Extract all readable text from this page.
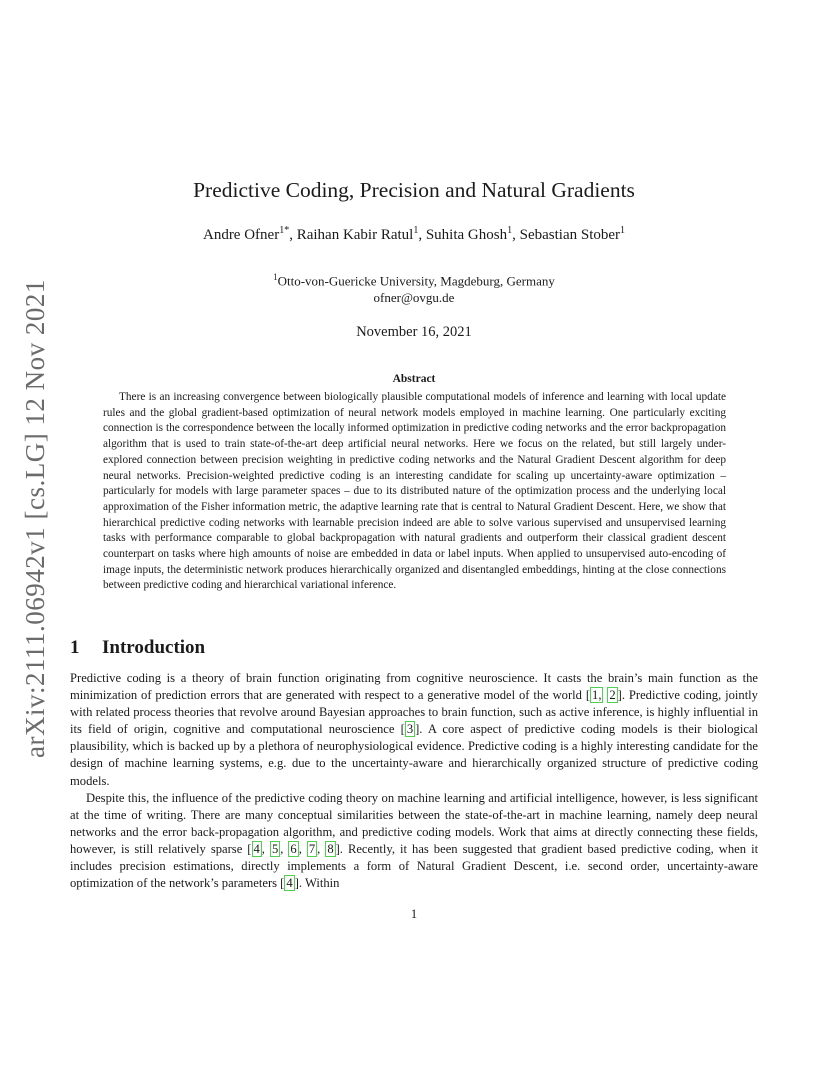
arXiv:2111.06942v1 [cs.LG] 12 Nov 2021
Predictive Coding, Precision and Natural Gradients
Andre Ofner$^{1*}$, Raihan Kabir Ratul$^1$, Suhita Ghosh$^1$, Sebastian Stober$^1$
$^1$Otto-von-Guericke University, Magdeburg, Germany
ofner@ovgu.de
November 16, 2021
Abstract

There is an increasing convergence between biologically plausible computational models of inference and learning with local update rules and the global gradient-based optimization of neural network models employed in machine learning. One particularly exciting connection is the correspondence between the locally informed optimization in predictive coding networks and the error backpropagation algorithm that is used to train state-of-the-art deep artificial neural networks. Here we focus on the related, but still largely under-explored connection between precision weighting in predictive coding networks and the Natural Gradient Descent algorithm for deep neural networks. Precision-weighted predictive coding is an interesting candidate for scaling up uncertainty-aware optimization – particularly for models with large parameter spaces – due to its distributed nature of the optimization process and the underlying local approximation of the Fisher information metric, the adaptive learning rate that is central to Natural Gradient Descent. Here, we show that hierarchical predictive coding networks with learnable precision indeed are able to solve various supervised and unsupervised learning tasks with performance comparable to global backpropagation with natural gradients and outperform their classical gradient descent counterpart on tasks where high amounts of noise are embedded in data or label inputs. When applied to unsupervised auto-encoding of image inputs, the deterministic network produces hierarchically organized and disentangled embeddings, hinting at the close connections between predictive coding and hierarchical variational inference.

1 Introduction

Predictive coding is a theory of brain function originating from cognitive neuroscience. It casts the brain’s main function as the minimization of prediction errors that are generated with respect to a generative model of the world [ 1, 2 ]. Predictive coding, jointly with related process theories that revolve around Bayesian approaches to brain function, such as active inference, is highly influential in its field of origin, cognitive and computational neuroscience [ 3 ]. A core aspect of predictive coding models is their biological plausibility, which is backed up by a plethora of neurophysiological evidence. Predictive coding is a highly interesting candidate for the design of machine learning systems, e.g. due to the uncertainty-aware and hierarchically organized structure of predictive coding models.

Despite this, the influence of the predictive coding theory on machine learning and artificial intelligence, however, is less significant at the time of writing. There are many conceptual similarities between the state-of-the-art in machine learning, namely deep neural networks and the error back-propagation algorithm, and predictive coding models. Work that aims at directly connecting these fields, however, is still relatively sparse [ 4 , 5 , 6 , 7 , 8 ]. Recently, it has been suggested that gradient based predictive coding, when it includes precision estimations, directly implements a form of Natural Gradient Descent, i.e. second order, uncertainty-aware optimization of the network’s parameters [ 4 ]. Within

1
